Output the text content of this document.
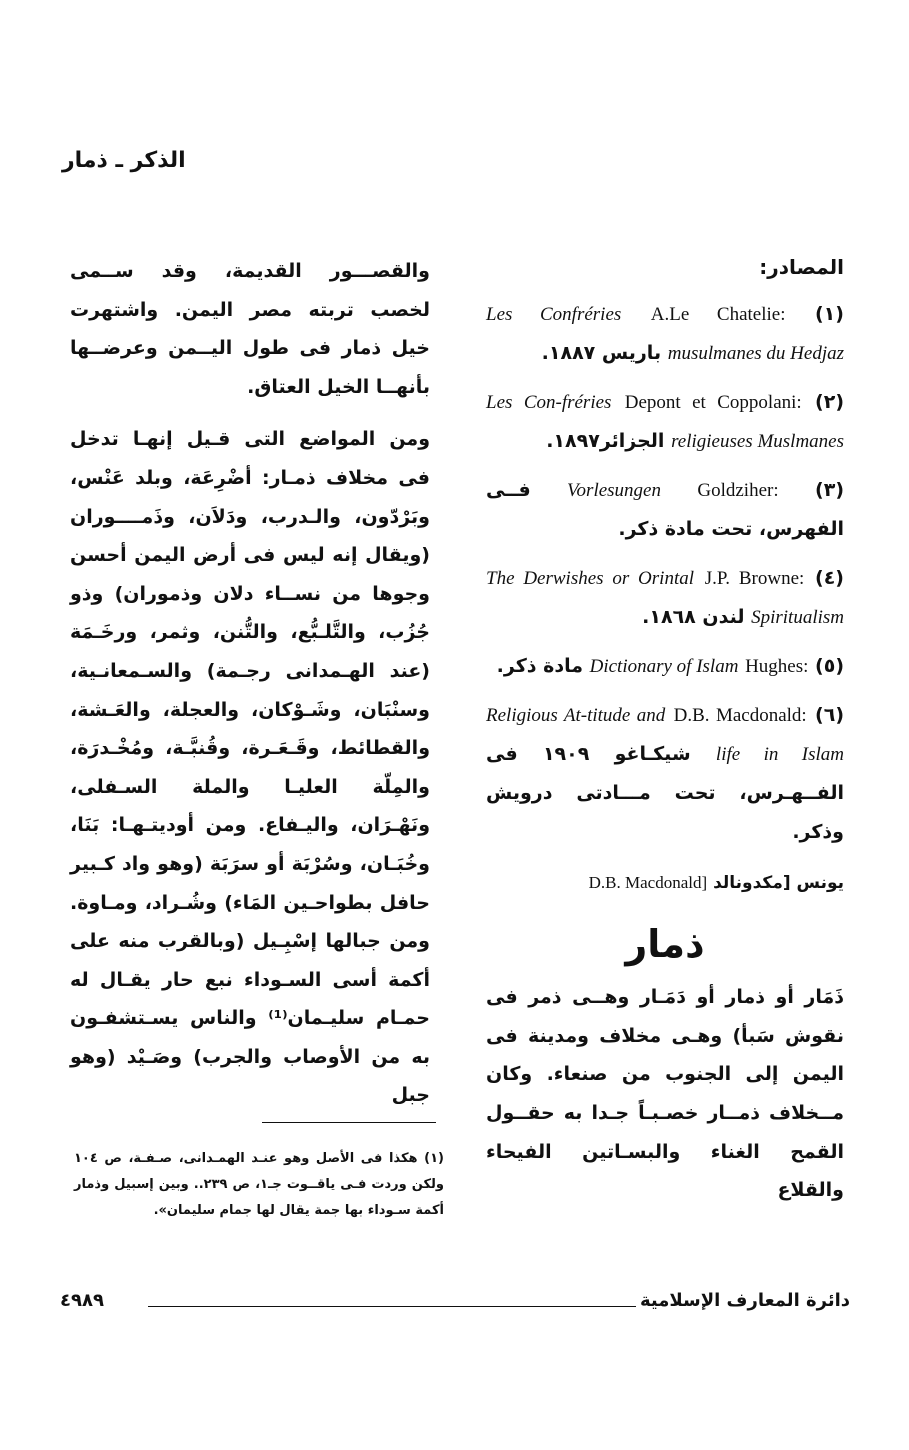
الذكر ـ ذمار

والقصـــور القديمة، وقد ســمى لخصب تربته مصر اليمن. واشتهرت خيل ذمار فى طول اليــمن وعرضــها بأنهــا الخيل العتاق.

ومن المواضع التى قـيل إنهـا تدخل فى مخلاف ذمـار: أضْرِعَة، وبلد عَنْس، وبَرْدّون، والـدرب، ودَلاَن، وذَمــــوران (ويقال إنه ليس فى أرض اليمن أحسن وجوها من نســاء دلان وذموران) وذو جُزُب، والتَّلـبُّع، والتُّنن، وثمر، ورخَـمَة (عند الهـمدانى رجـمة) والسـمعانـية، وسنْبَان، وشَـوْكان، والعجلة، والعَـشة، والقطائط، وقَـعَـرة، وقُنبَّـة، ومُخْـدرَة، والمِلّة العليـا والملة السـفلى، ونَهْـرَان، واليـفاع. ومن أوديتـهـا: بَنَا، وخُبَـان، وسُرْبَة أو سرَبَة (وهو واد كـبير حافل بطواحـين المَاء) وشُـراد، ومـاوة. ومن جبالها إسْبِـيل (وبالقرب منه على أكمة أسى السـوداء نبع حار يقـال له حمـام سليـمان⁽¹⁾ والناس يسـتشفـون به من الأوصاب والجرب) وصَـيْد (وهو جبل

(١) هكذا فى الأصل وهو عنـد الهمـدانى، صـفـة، ص ١٠٤ ولكن وردت فـى ياقــوت جـ١، ص ٢٣٩.. وبين إسبيل وذمار أكمة سـوداء بها جمة يقال لها جمام سليمان».
المصادر:
(١) A.Le Chatelie: Les Confréries musulmanes du Hedjaz باريس ١٨٨٧.
(٢) Depont et Coppolani: Les Con-fréries religieuses Muslmanes الجزائر١٨٩٧.
(٣) Goldziher: Vorlesungen فــى الفهرس، تحت مادة ذكر.
(٤) J.P. Browne: The Derwishes or Orintal Spiritualism لندن ١٨٦٨.
(٥) Hughes: Dictionary of Islam مادة ذكر.
(٦) D.B. Macdonald: Religious At-titude and life in Islam شيكـاغو ١٩٠٩ فى الفــهـرس، تحت مـــادتى درويش وذكر.
يونس [مكدونالد D.B. Macdonald]
ذمار
ذَمَار أو ذمار أو دَمَـار وهــى ‎ذمر‎ فى نقوش سَبأ) وهـى مخلاف ومدينة فى اليمن إلى الجنوب من صنعاء. وكان مــخلاف ذمــار خصـبـاً جـدا به حقــول القمح الغناء والبسـاتين الفيحاء والقلاع
دائرة المعارف الإسلامية
٤٩٨٩
